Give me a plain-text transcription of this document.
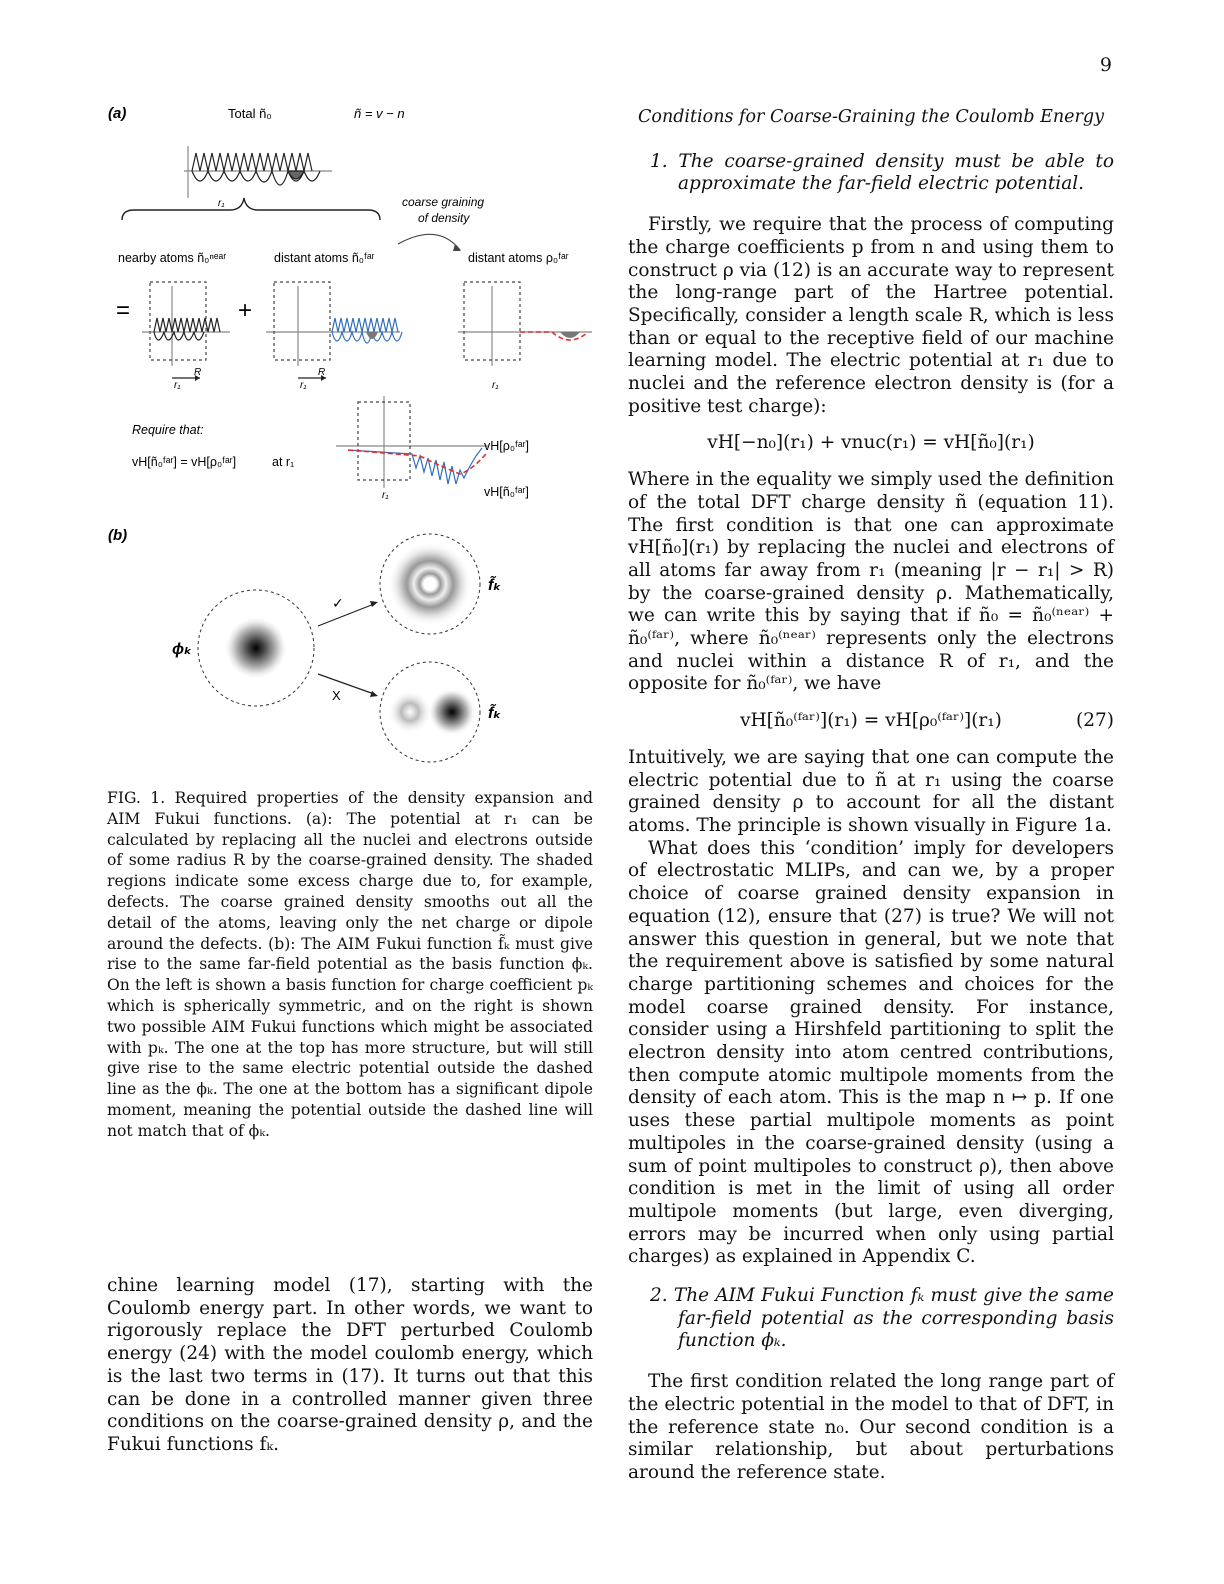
9
(a)	Total ñ₀	ñ = v − n
r₁	coarse graining
of density
nearby atoms ñ₀ⁿᵉᵃʳ	distant atoms ñ₀ᶠᵃʳ	distant atoms ρ₀ᶠᵃʳ
=	+
r₁
R
r₁
R
r₁
Require that:
vH[ñ₀ᶠᵃʳ] = vH[ρ₀ᶠᵃʳ]	at r₁
r₁
vH[ρ₀ᶠᵃʳ]
vH[ñ₀ᶠᵃʳ]
(b)
ϕₖ
✓
X
f̃ₖ
f̃ₖ

FIG. 1. Required properties of the density expansion and AIM Fukui functions. (a): The potential at r₁ can be calculated by replacing all the nuclei and electrons outside of some radius R by the coarse-grained density. The shaded regions indicate some excess charge due to, for example, defects. The coarse grained density smooths out all the detail of the atoms, leaving only the net charge or dipole around the defects. (b): The AIM Fukui function f̃ₖ must give rise to the same far-field potential as the basis function ϕₖ. On the left is shown a basis function for charge coefficient pₖ which is spherically symmetric, and on the right is shown two possible AIM Fukui functions which might be associated with pₖ. The one at the top has more structure, but will still give rise to the same electric potential outside the dashed line as the ϕₖ. The one at the bottom has a significant dipole moment, meaning the potential outside the dashed line will not match that of ϕₖ.

chine learning model (17), starting with the Coulomb energy part. In other words, we want to rigorously replace the DFT perturbed Coulomb energy (24) with the model coulomb energy, which is the last two terms in (17). It turns out that this can be done in a controlled manner given three conditions on the coarse-grained density ρ, and the Fukui functions fₖ.

Conditions for Coarse-Graining the Coulomb Energy

1. The coarse-grained density must be able to approximate the far-field electric potential.

Firstly, we require that the process of computing the charge coefficients p from n and using them to construct ρ via (12) is an accurate way to represent the long-range part of the Hartree potential. Specifically, consider a length scale R, which is less than or equal to the receptive field of our machine learning model. The electric potential at r₁ due to nuclei and the reference electron density is (for a positive test charge):

vH[−n₀](r₁) + vnuc(r₁) = vH[ñ₀](r₁)

Where in the equality we simply used the definition of the total DFT charge density ñ (equation 11). The first condition is that one can approximate vH[ñ₀](r₁) by replacing the nuclei and electrons of all atoms far away from r₁ (meaning |r − r₁| > R) by the coarse-grained density ρ. Mathematically, we can write this by saying that if ñ₀ = ñ₀⁽ⁿᵉᵃʳ⁾ + ñ₀⁽ᶠᵃʳ⁾, where ñ₀⁽ⁿᵉᵃʳ⁾ represents only the electrons and nuclei within a distance R of r₁, and the opposite for ñ₀⁽ᶠᵃʳ⁾, we have

vH[ñ₀⁽ᶠᵃʳ⁾](r₁) = vH[ρ₀⁽ᶠᵃʳ⁾](r₁)	(27)

Intuitively, we are saying that one can compute the electric potential due to ñ at r₁ using the coarse grained density ρ to account for all the distant atoms. The principle is shown visually in Figure 1a.

What does this ‘condition’ imply for developers of electrostatic MLIPs, and can we, by a proper choice of coarse grained density expansion in equation (12), ensure that (27) is true? We will not answer this question in general, but we note that the requirement above is satisfied by some natural charge partitioning schemes and choices for the model coarse grained density. For instance, consider using a Hirshfeld partitioning to split the electron density into atom centred contributions, then compute atomic multipole moments from the density of each atom. This is the map n ↦ p. If one uses these partial multipole moments as point multipoles in the coarse-grained density (using a sum of point multipoles to construct ρ), then above condition is met in the limit of using all order multipole moments (but large, even diverging, errors may be incurred when only using partial charges) as explained in Appendix C.

2. The AIM Fukui Function fₖ must give the same far-field potential as the corresponding basis function ϕₖ.

The first condition related the long range part of the electric potential in the model to that of DFT, in the reference state n₀. Our second condition is a similar relationship, but about perturbations around the reference state.
